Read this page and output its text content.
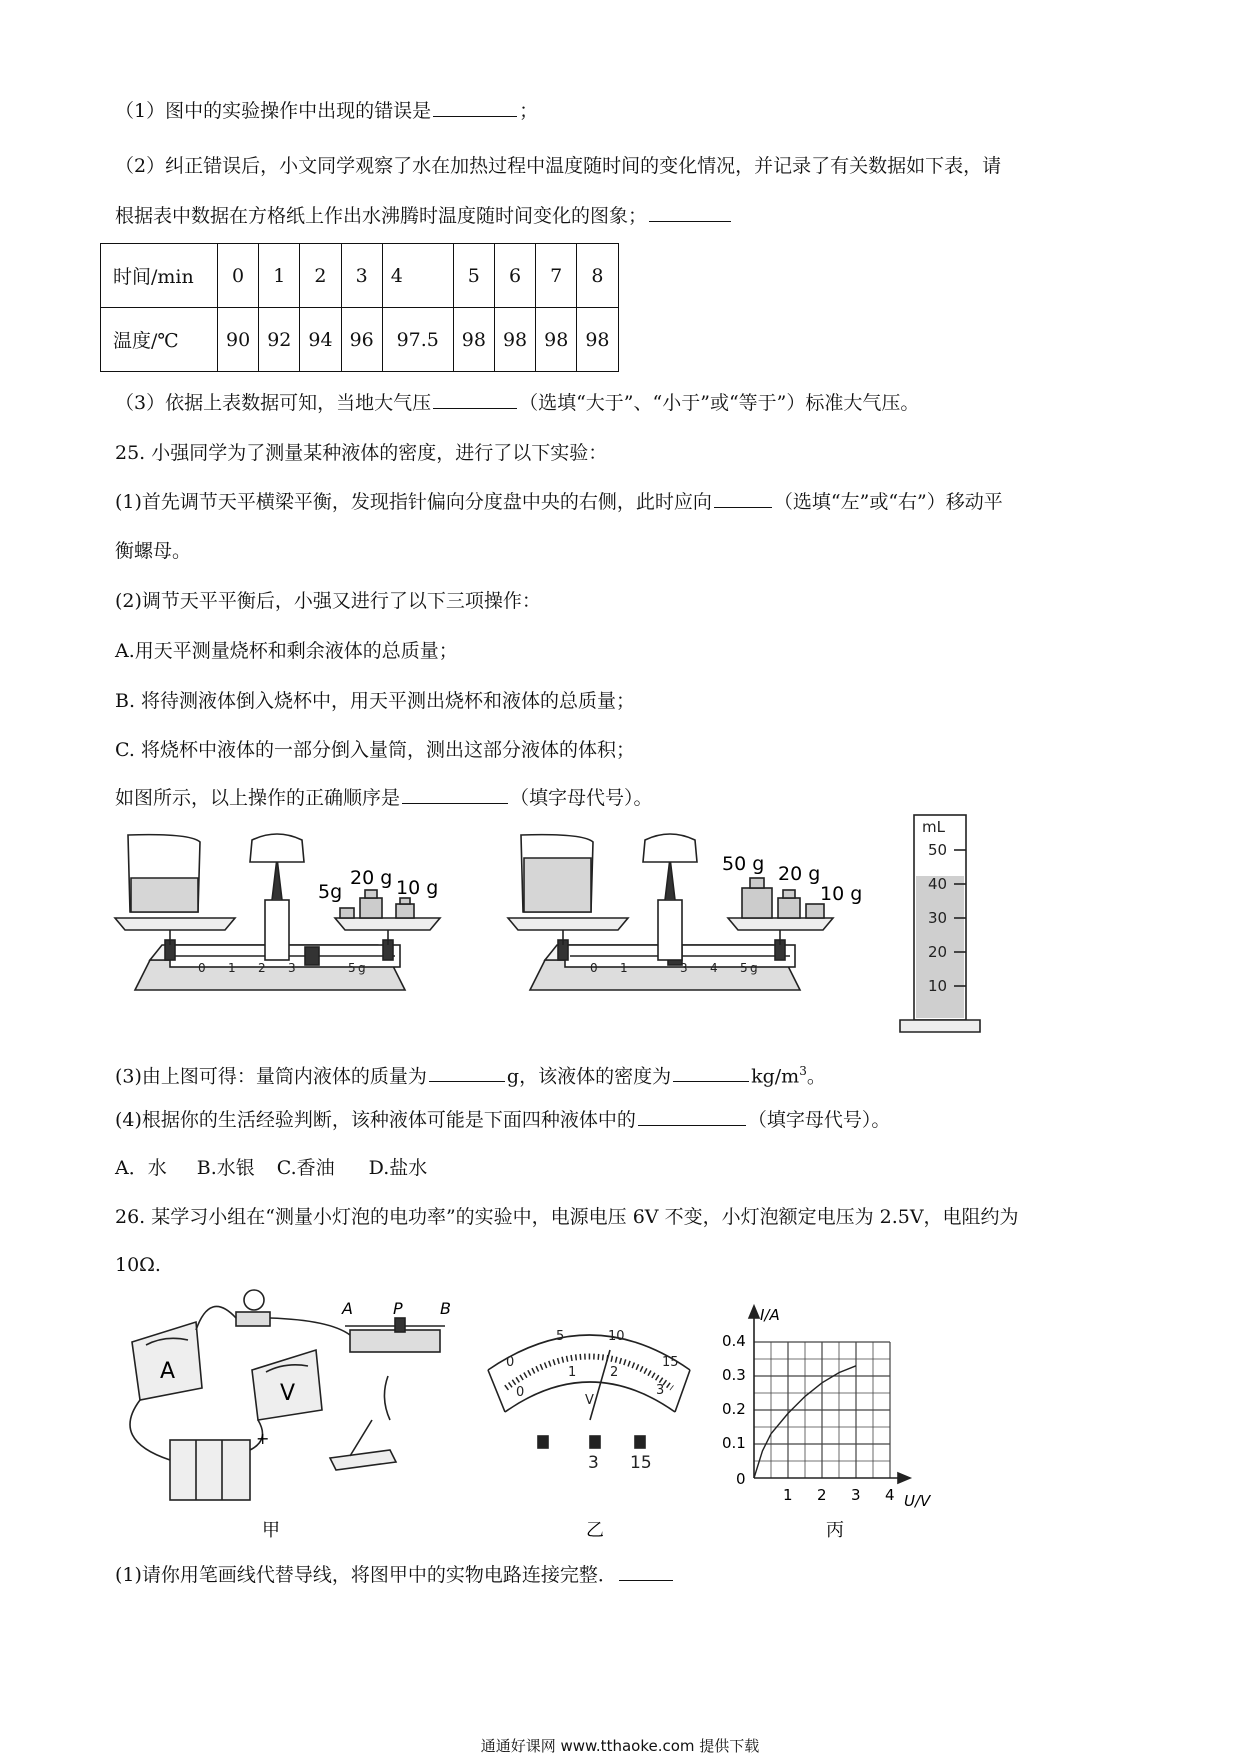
（1）图中的实验操作中出现的错误是	；
（2）纠正错误后，小文同学观察了水在加热过程中温度随时间的变化情况，并记录了有关数据如下表，请
根据表中数据在方格纸上作出水沸腾时温度随时间变化的图象；
时间/min	0	1	2	3	4	5	6	7	8
温度/℃	90	92	94	96	97.5	98	98	98	98
（3）依据上表数据可知，当地大气压	（选填“大于”、“小于”或“等于”）标准大气压。
25. 小强同学为了测量某种液体的密度，进行了以下实验：
(1)首先调节天平横梁平衡，发现指针偏向分度盘中央的右侧，此时应向	（选填“左”或“右”）移动平
衡螺母。
(2)调节天平平衡后，小强又进行了以下三项操作：
A.用天平测量烧杯和剩余液体的总质量；
B. 将待测液体倒入烧杯中，用天平测出烧杯和液体的总质量；
C. 将烧杯中液体的一部分倒入量筒，测出这部分液体的体积；
如图所示，以上操作的正确顺序是	（填字母代号）。
0 1 2 3	5 g
20 g 10 g
5g
0 1	3 4 5 g
50 g 20 g
10 g
mL
50
40
30
20
10
(3)由上图可得：量筒内液体的质量为	g，该液体的密度为	$kg/m^3$。
(4)根据你的生活经验判断，该种液体可能是下面四种液体中的	（填字母代号）。
A．水 B.水银 C.香油 D.盐水
26. 某学习小组在“测量小灯泡的电功率”的实验中，电源电压 6V 不变，小灯泡额定电压为 2.5V，电阻约为
10Ω.
A
V
A	P B
+
甲
0
1	2
3
0
5	10
15
V
3 15
乙
I/A
U/V
0.4
0.3
0.2
0.1
0
1 2 3 4
丙
(1)请你用笔画线代替导线，将图甲中的实物电路连接完整．
通通好课网 www.tthaoke.com 提供下载
